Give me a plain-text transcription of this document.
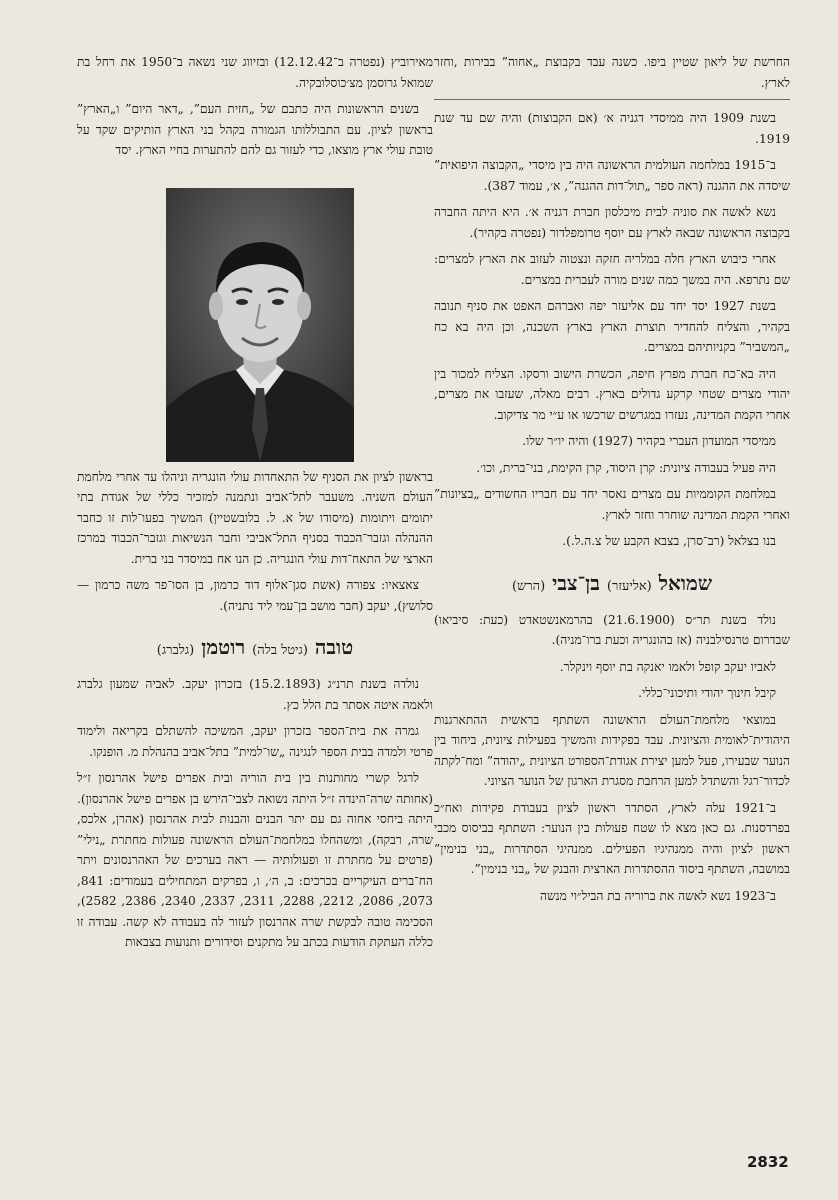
החרשת של ליאון שטיין ביפו. כשנה עבד בקבוצת „אחוה” בבירות ,וחזר לארץ.

בשנת 1909 היה ממיסדי דגניה א׳ (אם הקבוצות) והיה שם עד שנת 1919.

ב־1915 במלחמה העולמית הראשונה היה בין מיסדי „הקבוצה היפואית” שיסדה את ההגנה (ראה ספר „תול־דות ההגנה”, א׳, עמוד 387).

נשא לאשה את סוניה לבית מיכלסון חברת דגניה א׳. היא היתה החברה בקבוצה הראשונה שבאה לארץ עם יוסף טרומפלדור (נפטרה בקהיר).

אחרי כיבוש הארץ חלה במלריה חזקה ונצטוה לעזוב את הארץ למצרים: שם נתרפא. היה במשך כמה שנים מורה לעברית במצרים.

בשנת 1927 יסד יחד עם אליעזר יפה ואברהם האפט את סניף תנובה בקהיר, והצליח להחדיר תוצרת הארץ בארץ השכנה, וכן היה בא כח „המשביר” בקניותיהם במצרים.

היה בא־כח חברת מפרץ חיפה, הכשרת הישוב ורסקו. הצליח למכור בין יהודי מצרים שטחי קרקע גדולים בארץ. רבים מאלה, שעזבו את מצרים, אחרי הקמת המדינה, נעזרו במגרשים שרכשו או ע״י מר צדיקוב.

ממיסדי המועדון העברי בקהיר (1927) והיה יו״ר שלו.

היה פעיל בעבודה ציונית: קרן היסוד, קרן הקימת, בני־ברית, וכו׳.

במלחמת הקוממיות עם מצרים נאסר יחד עם חבריו החשודים „בציונות” ואחרי הקמת המדינה שוחרר וחזר לארץ.

בנו בצלאל (רב־סרן, בצבא הקבע של צ.ה.ל.).

שמואל (אליעזר) בן־צבי (הרש)

נולד בשנת תר״ס (21.6.1900) בהרמאנשטאדט (כעת: סיביאו) שבדרום טרנסילבניה (אז בהונגריה וכעת ברו־מניה).

לאביו יעקב קופל ולאמו יאנקה בת יוסף וינקלר.

קיבל חינוך יהודי ותיכוני־כללי.

במוצאי מלחמת־העולם הראשונה השתתף בראשית ההתארגנות היהודית־לאומית והציונית. עבד בפקידות והמשיך בפעילות ציונית, ביחוד בין הנוער שבעירו, פעל למען יצירת אגודת־הספורט הציונית „יהודה” ומח־לקתה לכדור־רגל והשתדל למען הרחבת מסגרת הארגון של הנוער הציוני.

ב־1921 עלה לארץ, הסתדר ראשון לציון בעבודת פקידות ואח״כ בפרדסנות. גם כאן מצא לו שטח פעולות בין הנוער: השתתף בביסוס מכבי ראשון לציון והיה ממנהיגיו הפעילים. ממנהיגי הסתדרות „בני בנימין” במושבה, השתתף ביסוד ההסתדרות הארצית והבנק של „בני בנימין”.

ב־1923 נשא לאשה את ברוריה בת הביל״וי מנשה

מאירוביץ (נפטרה ב־12.12.42) ובזיווג שני נשאה ב־1950 את רחל בת שמואל גרוסמן מצ׳כוסלובקיה.

בשנים הראשונות היה כתבם של „חזית העם”, „דאר היום” ו„הארץ” בראשון לציון. עם התבוללותו הגמורה בקהל בני הארץ הותיקים שקד על טובת עולי ארץ מוצאו, כדי לעזור גם להם להתערות בחיי הארץ. יסד

בראשון לציון את הסניף של התאחדות עולי הונגריה וניהלו עד אחרי מלחמת העולם השניה. משעבר לתל־אביב ונתמנה למזכיר כללי של אגודת בתי יתומים ויתומות (מיסודו של א. ל. בלובשטיין) המשיך בפעו־לות זו כחבר ההנהלה וגזבר־הכבוד בסניף התל־אביבי וחבר הנשיאות וגזבר־הכבוד במרכז הארצי של התאח־דות עולי הונגריה. כן הנו אח במיסדר בני ברית.

צאצאיו: צפורה (אשת סגן־אלוף דוד כרמון, בן הסו־פר משה כרמון — סלושץ), יעקב (חבר מושב בן־עמי ליד נתניה).

טובה (גיטל בלה) רוטמן (גלברג)

נולדה בשנת תרנ״ג (15.2.1893) בזכרון יעקב. לאביה שמעון גלברג ולאמה איטה אסתר בת הלל כץ.

גמרה את בית־הספר בזכרון יעקב, המשיכה להשתלם בקריאה ולימוד פרטי ולמדה בבית הספר לנגינה „שו־למית” בתל־אביב בהנהלת מ. הופנקו.

לרגל קשרי מחותנות בין בית הוריה ובית אפרים פישל אהרנסון ז״ל (אחותה שרה־הינדה ז״ל היתה נשואה לצבי־הירש בן אפרים פישל אהרנסון). היתה ביחסי אחוה גם עם יתר הבנים והבנות לבית אהרנסון (אהרן, אלכס, שרה, רבקה), ומשהחלו במלחמת־העולם הראשונה פעולות מחתרת „נילי” (פרטים על מחתרת זו ופעולותיה — ראה בערכים של האהרנסונים ויתר הח־ברים העיקריים בכרכים: ב, ה׳, ו, בפרקים המתחילים בעמודים: 841, 2073, 2086, 2212, 2288, 2311, 2337, 2340, 2386, 2582), הסכימה טובה לבקשת שרה אהרנסון לעזור לה בעבודה לא קשה. עבודה זו כללה העתקת הודעות בכתב על מתקנים וסידורים ותנועות בצבאות

2832
